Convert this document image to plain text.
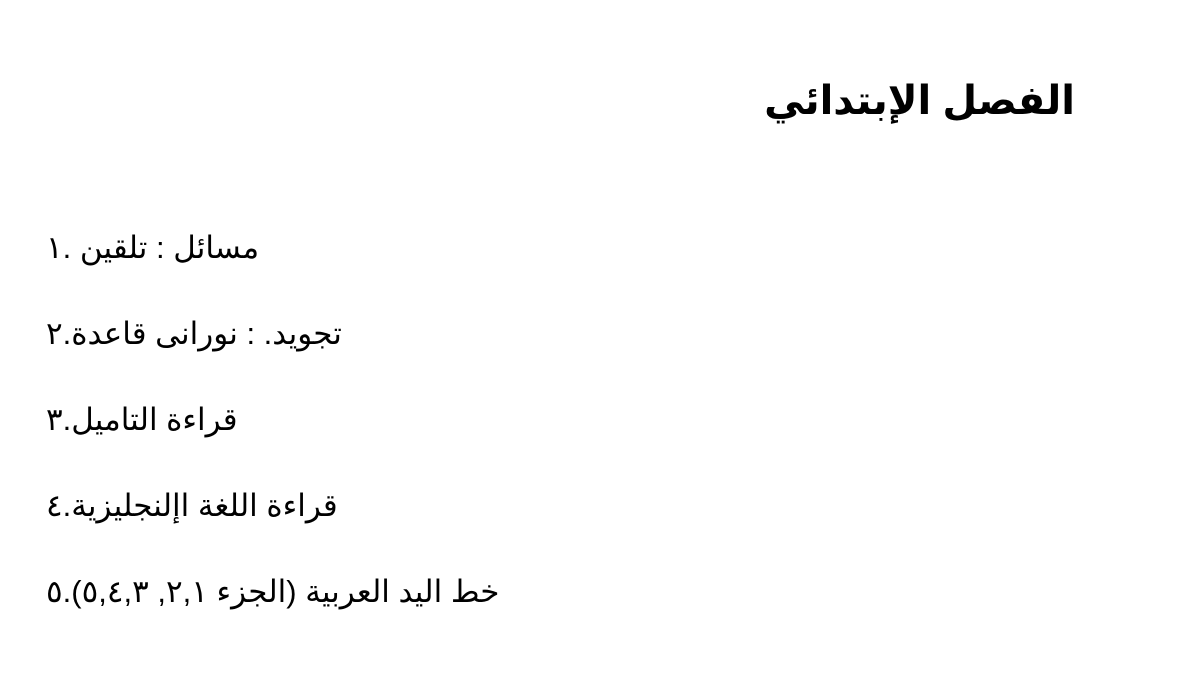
الفصل الإبتدائي
١. نيقلت : لئاسم
٢.ةدعاق ىنارون : .ديوجت
٣.ليماتلا ةءارق
٤.ةيزيلجنلإا ةغللا ةءارق
٥.(٥,٤,٣ ,٢,١ ءزجلا) ةيبرعلا ديلا طخ
